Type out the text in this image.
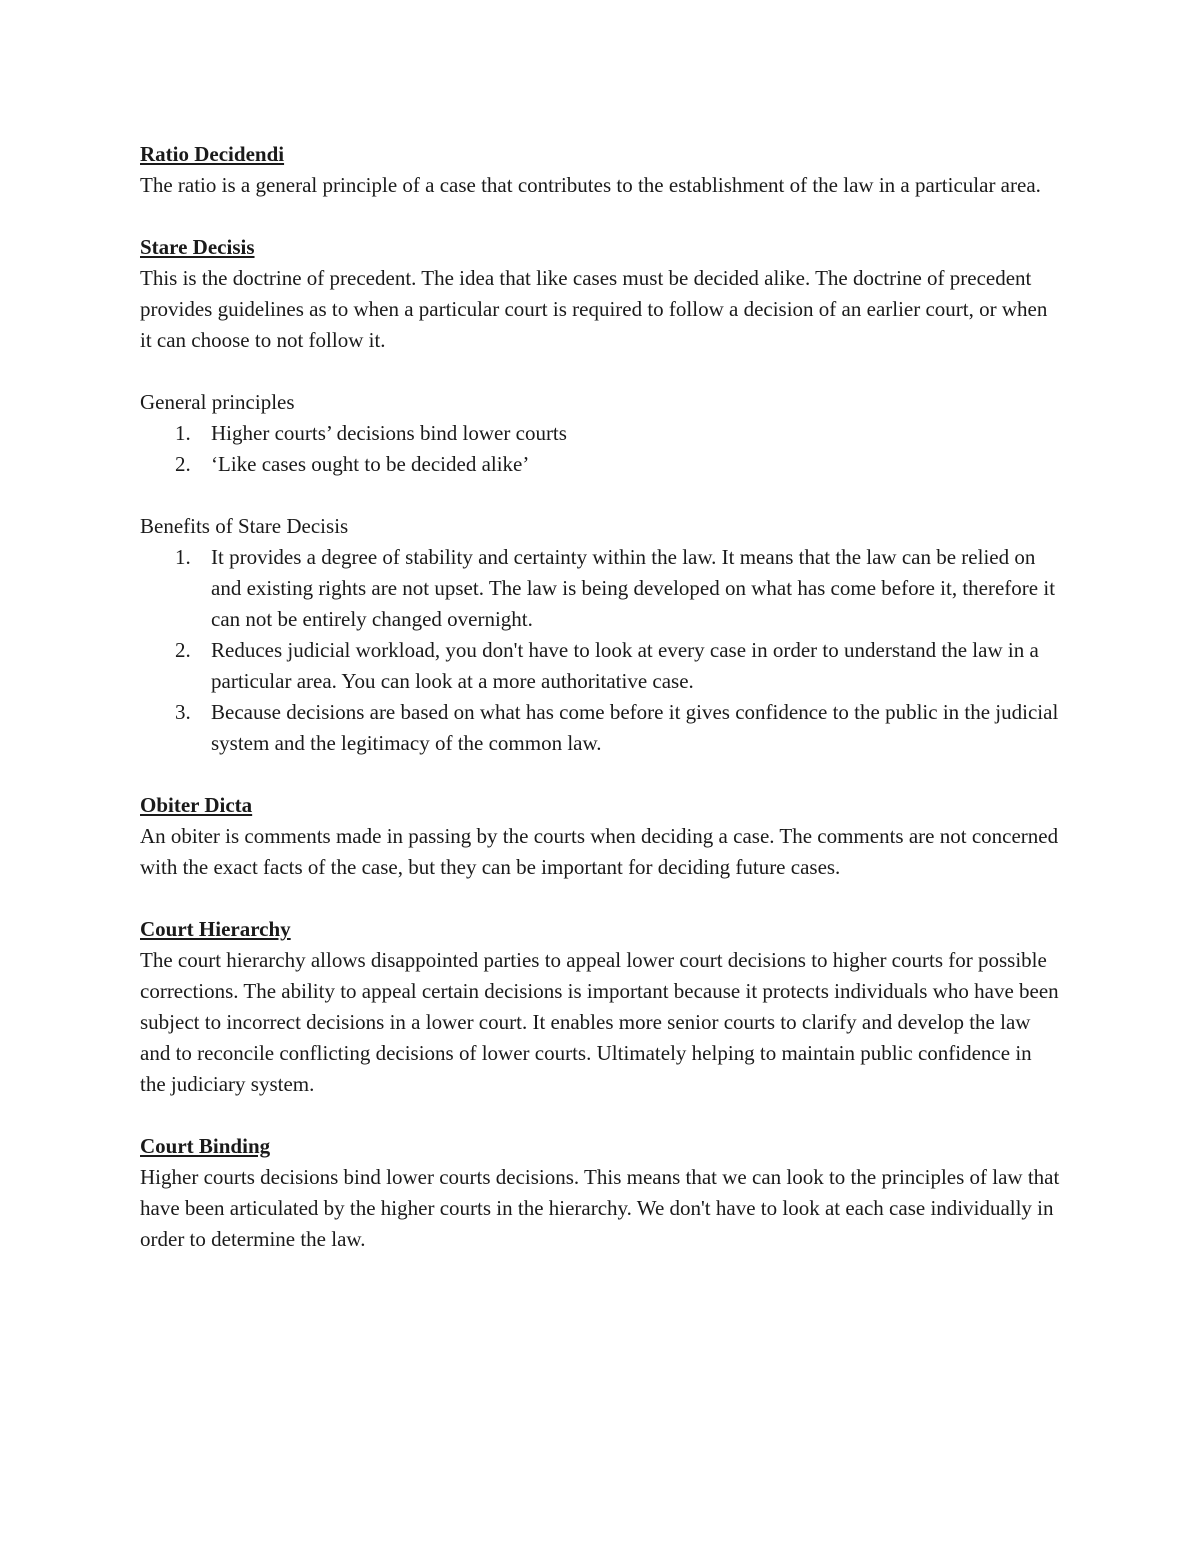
Ratio Decidendi

The ratio is a general principle of a case that contributes to the establishment of the law in a particular area.

Stare Decisis

This is the doctrine of precedent. The idea that like cases must be decided alike. The doctrine of precedent provides guidelines as to when a particular court is required to follow a decision of an earlier court, or when it can choose to not follow it.

General principles

1. Higher courts’ decisions bind lower courts
2. ‘Like cases ought to be decided alike’

Benefits of Stare Decisis

1. It provides a degree of stability and certainty within the law. It means that the law can be relied on and existing rights are not upset. The law is being developed on what has come before it, therefore it can not be entirely changed overnight.
2. Reduces judicial workload, you don't have to look at every case in order to understand the law in a particular area. You can look at a more authoritative case.
3. Because decisions are based on what has come before it gives confidence to the public in the judicial system and the legitimacy of the common law.
Obiter Dicta

An obiter is comments made in passing by the courts when deciding a case. The comments are not concerned with the exact facts of the case, but they can be important for deciding future cases.

Court Hierarchy

The court hierarchy allows disappointed parties to appeal lower court decisions to higher courts for possible corrections. The ability to appeal certain decisions is important because it protects individuals who have been subject to incorrect decisions in a lower court. It enables more senior courts to clarify and develop the law and to reconcile conflicting decisions of lower courts. Ultimately helping to maintain public confidence in the judiciary system.

Court Binding

Higher courts decisions bind lower courts decisions. This means that we can look to the principles of law that have been articulated by the higher courts in the hierarchy. We don't have to look at each case individually in order to determine the law.
